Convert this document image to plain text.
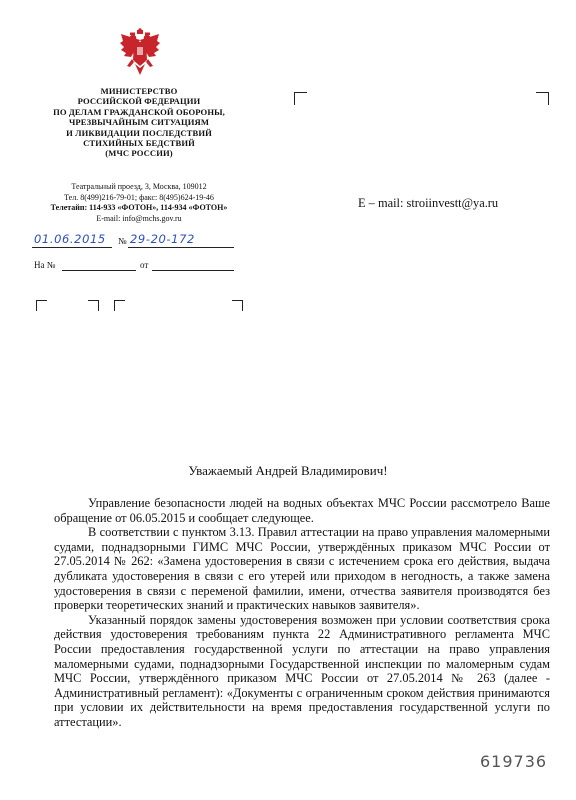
МИНИСТЕРСТВО
РОССИЙСКОЙ ФЕДЕРАЦИИ
ПО ДЕЛАМ ГРАЖДАНСКОЙ ОБОРОНЫ,
ЧРЕЗВЫЧАЙНЫМ СИТУАЦИЯМ
И ЛИКВИДАЦИИ ПОСЛЕДСТВИЙ
СТИХИЙНЫХ БЕДСТВИЙ
(МЧС РОССИИ)
Театральный проезд, 3, Москва, 109012
Тел. 8(499)216-79-01; факс: 8(495)624-19-46
Телетайп: 114-933 «ФОТОН», 114-934 «ФОТОН»
E-mail: info@mchs.gov.ru
01.06.2015 № 29-20-172
На №	от
E – mail: stroiinvestt@ya.ru
Уважаемый Андрей Владимирович!

Управление безопасности людей на водных объектах МЧС России рассмотрело Ваше обращение от 06.05.2015 и сообщает следующее.

В соответствии с пунктом 3.13. Правил аттестации на право управления маломерными судами, поднадзорными ГИМС МЧС России, утверждённых приказом МЧС России от 27.05.2014 № 262: «Замена удостоверения в связи с истечением срока его действия, выдача дубликата удостоверения в связи с его утерей или приходом в негодность, а также замена удостоверения в связи с переменой фамилии, имени, отчества заявителя производятся без проверки теоретических знаний и практических навыков заявителя».

Указанный порядок замены удостоверения возможен при условии соответствия срока действия удостоверения требованиям пункта 22 Административного регламента МЧС России предоставления государственной услуги по аттестации на право управления маломерными судами, поднадзорными Государственной инспекции по маломерным судам МЧС России, утверждённого приказом МЧС России от 27.05.2014 № 263 (далее - Административный регламент): «Документы с ограниченным сроком действия принимаются при условии их действительности на время предоставления государственной услуги по аттестации».

619736
